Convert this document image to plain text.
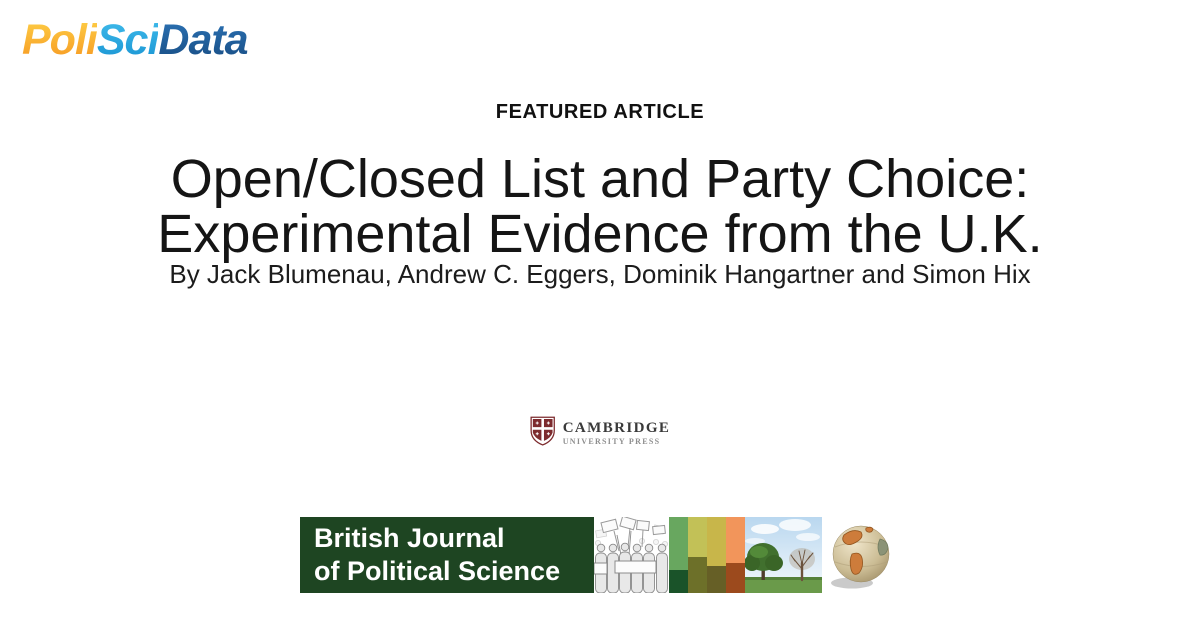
PoliSciData
FEATURED ARTICLE
Open/Closed List and Party Choice:
Experimental Evidence from the U.K.
By Jack Blumenau, Andrew C. Eggers, Dominik Hangartner and Simon Hix
CAMBRIDGE
UNIVERSITY PRESS
British Journal
of Political Science
